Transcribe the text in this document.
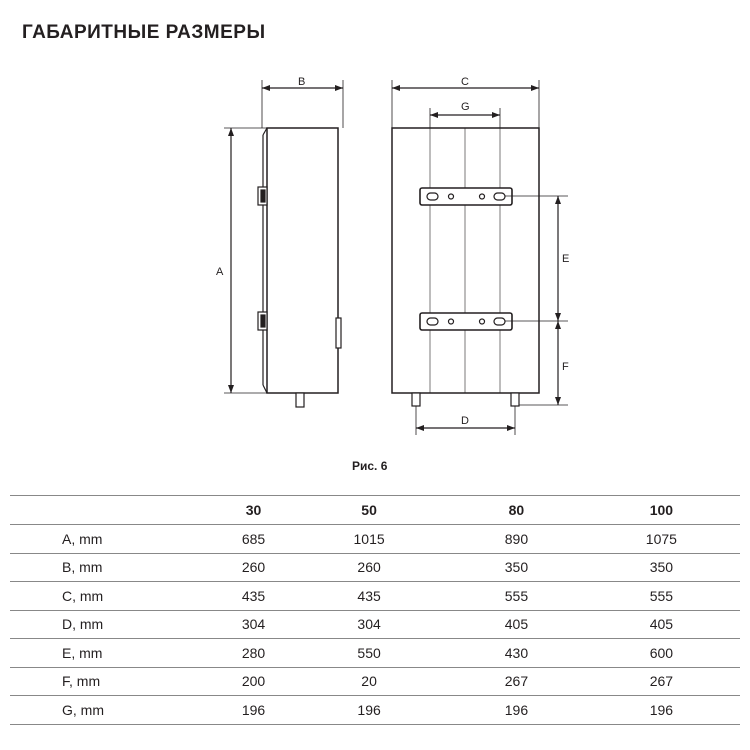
ГАБАРИТНЫЕ РАЗМЕРЫ
A
B	C
G
E
F
D
Рис. 6
	30	50	80	100
A, mm	685	1015	890	1075
B, mm	260	260	350	350
C, mm	435	435	555	555
D, mm	304	304	405	405
E, mm	280	550	430	600
F, mm	200	20	267	267
G, mm	196	196	196	196
